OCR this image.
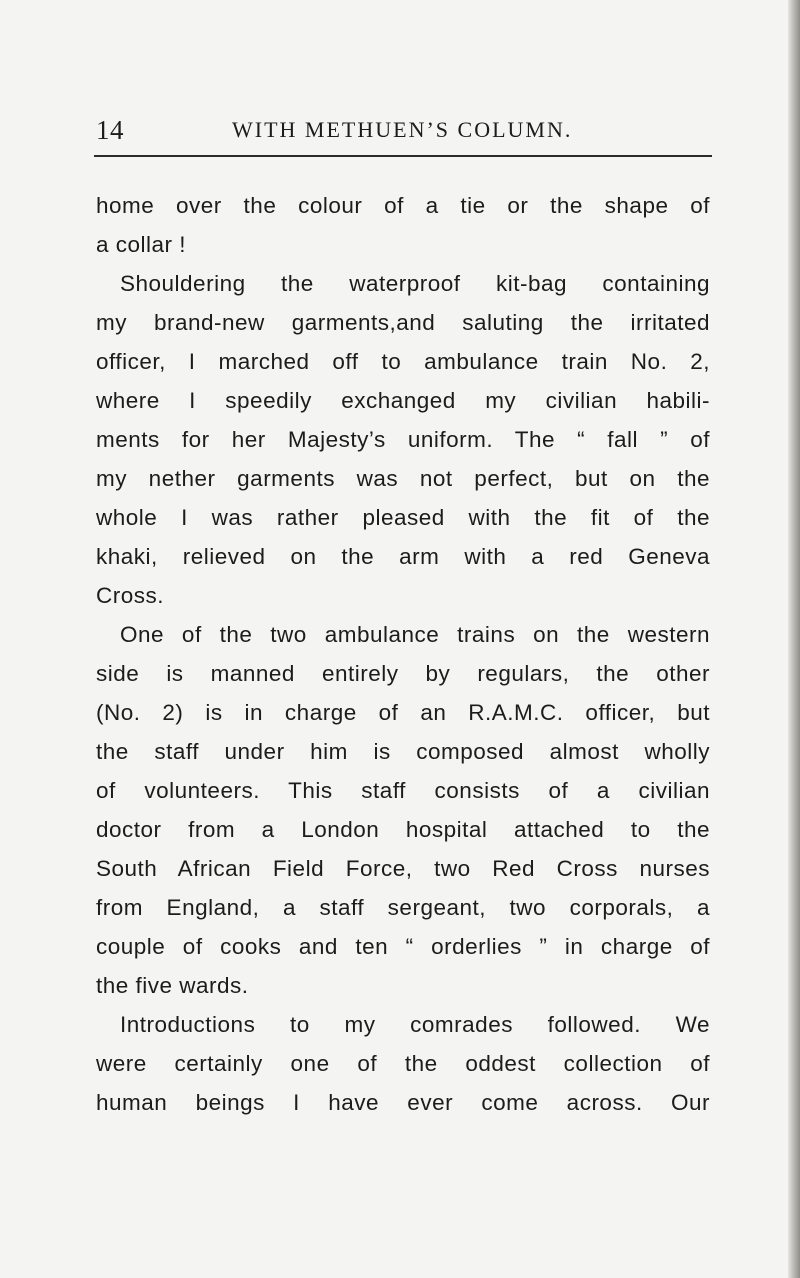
14	WITH METHUEN’S COLUMN.
home over the colour of a tie or the shape of
a collar !
Shouldering the waterproof kit-bag containing
my brand-new garments,and saluting the irritated
officer, I marched off to ambulance train No. 2,
where I speedily exchanged my civilian habili-
ments for her Majesty’s uniform. The “ fall ” of
my nether garments was not perfect, but on the
whole I was rather pleased with the fit of the
khaki, relieved on the arm with a red Geneva
Cross.
One of the two ambulance trains on the western
side is manned entirely by regulars, the other
(No. 2) is in charge of an R.A.M.C. officer, but
the staff under him is composed almost wholly
of volunteers. This staff consists of a civilian
doctor from a London hospital attached to the
South African Field Force, two Red Cross nurses
from England, a staff sergeant, two corporals, a
couple of cooks and ten “ orderlies ” in charge of
the five wards.
Introductions to my comrades followed. We
were certainly one of the oddest collection of
human beings I have ever come across. Our
